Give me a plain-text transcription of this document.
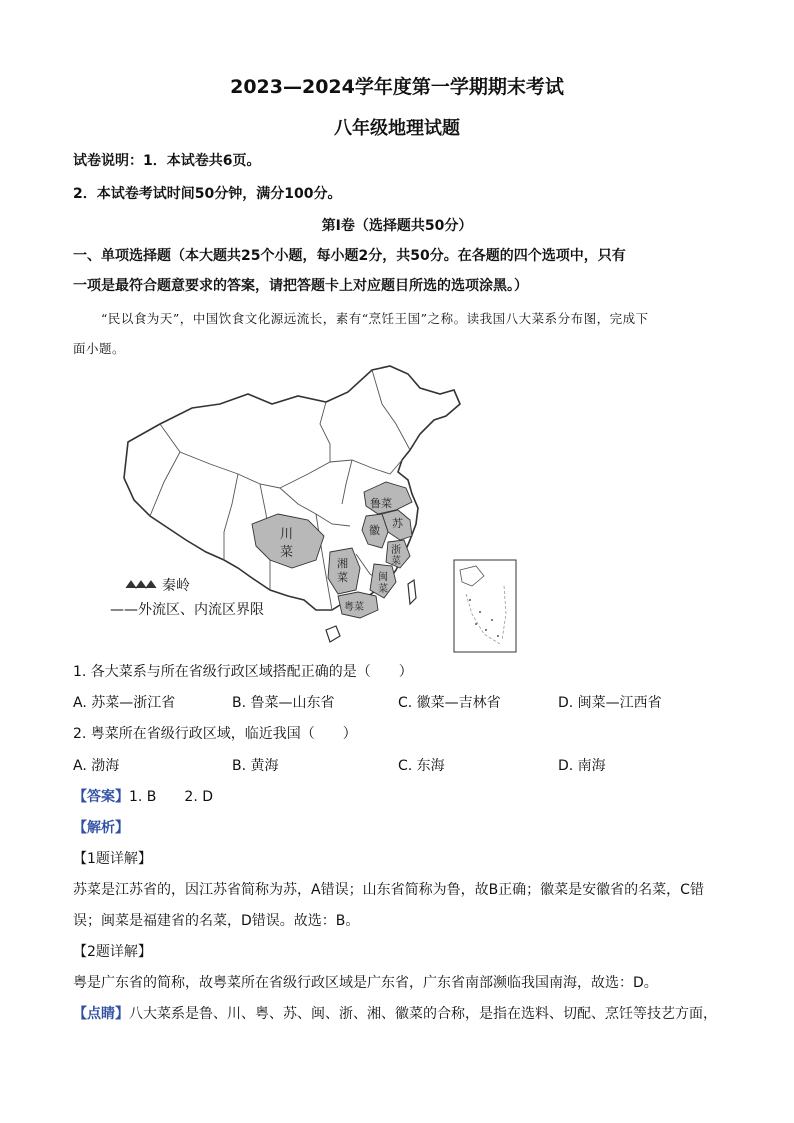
2023—2024学年度第一学期期末考试
八年级地理试题
试卷说明：1．本试卷共6页。
2．本试卷考试时间50分钟，满分100分。
第Ⅰ卷（选择题共50分）
一、单项选择题（本大题共25个小题，每小题2分，共50分。在各题的四个选项中，只有
一项是最符合题意要求的答案，请把答题卡上对应题目所选的选项涂黑。）
“民以食为天”，中国饮食文化源远流长，素有“烹饪王国”之称。读我国八大菜系分布图，完成下
面小题。
鲁菜
苏
徽
川
菜
湘
菜
浙
菜
闽
菜
粤菜
秦岭
——外流区、内流区界限
1. 各大菜系与所在省级行政区域搭配正确的是（　　）
A. 苏菜—浙江省	B. 鲁菜—山东省	C. 徽菜—吉林省	D. 闽菜—江西省
2. 粤菜所在省级行政区域，临近我国（　　）
A. 渤海	B. 黄海	C. 东海	D. 南海
【答案】1. B　　2. D
【解析】
【1题详解】
苏菜是江苏省的，因江苏省简称为苏，A错误；山东省简称为鲁，故B正确；徽菜是安徽省的名菜，C错
误；闽菜是福建省的名菜，D错误。故选：B。
【2题详解】
粤是广东省的简称，故粤菜所在省级行政区域是广东省，广东省南部濒临我国南海，故选：D。
【点睛】八大菜系是鲁、川、粤、苏、闽、浙、湘、徽菜的合称，是指在选料、切配、烹饪等技艺方面，
